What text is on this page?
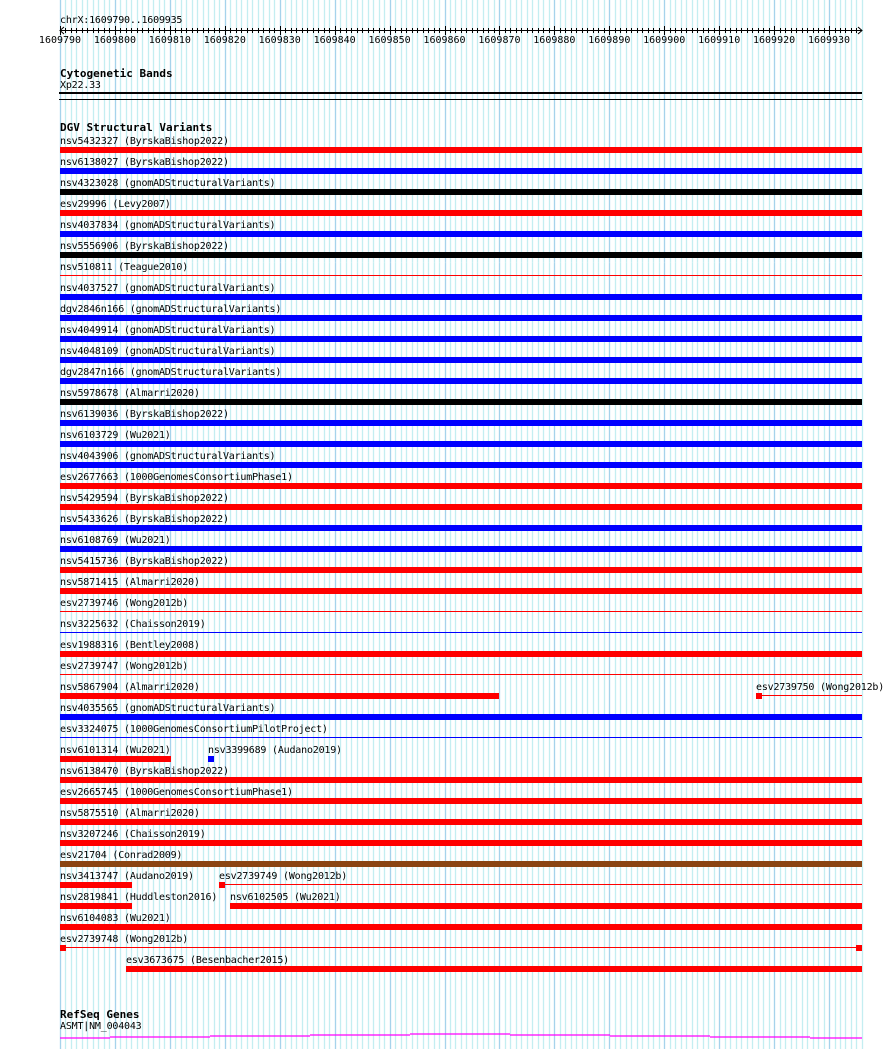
chrX:1609790..1609935
1609790 1609800 1609810 1609820 1609830 1609840 1609850 1609860 1609870 1609880 1609890 1609900 1609910 1609920 1609930
Cytogenetic Bands
Xp22.33
DGV Structural Variants
nsv5432327 (ByrskaBishop2022)
nsv6138027 (ByrskaBishop2022)
nsv4323028 (gnomADStructuralVariants)
esv29996 (Levy2007)
nsv4037834 (gnomADStructuralVariants)
nsv5556906 (ByrskaBishop2022)
nsv510811 (Teague2010)
nsv4037527 (gnomADStructuralVariants)
dgv2846n166 (gnomADStructuralVariants)
nsv4049914 (gnomADStructuralVariants)
nsv4048109 (gnomADStructuralVariants)
dgv2847n166 (gnomADStructuralVariants)
nsv5978678 (Almarri2020)
nsv6139036 (ByrskaBishop2022)
nsv6103729 (Wu2021)
nsv4043906 (gnomADStructuralVariants)
esv2677663 (1000GenomesConsortiumPhase1)
nsv5429594 (ByrskaBishop2022)
nsv5433626 (ByrskaBishop2022)
nsv6108769 (Wu2021)
nsv5415736 (ByrskaBishop2022)
nsv5871415 (Almarri2020)
esv2739746 (Wong2012b)
nsv3225632 (Chaisson2019)
esv1988316 (Bentley2008)
esv2739747 (Wong2012b)
nsv5867904 (Almarri2020)	esv2739750 (Wong2012b)
nsv4035565 (gnomADStructuralVariants)
esv3324075 (1000GenomesConsortiumPilotProject)
nsv6101314 (Wu2021)	nsv3399689 (Audano2019)
nsv6138470 (ByrskaBishop2022)
esv2665745 (1000GenomesConsortiumPhase1)
nsv5875510 (Almarri2020)
nsv3207246 (Chaisson2019)
esv21704 (Conrad2009)
nsv3413747 (Audano2019)	esv2739749 (Wong2012b)
nsv2819841 (Huddleston2016) nsv6102505 (Wu2021)
nsv6104083 (Wu2021)
esv2739748 (Wong2012b)
esv3673675 (Besenbacher2015)
RefSeq Genes
ASMT|NM_004043
